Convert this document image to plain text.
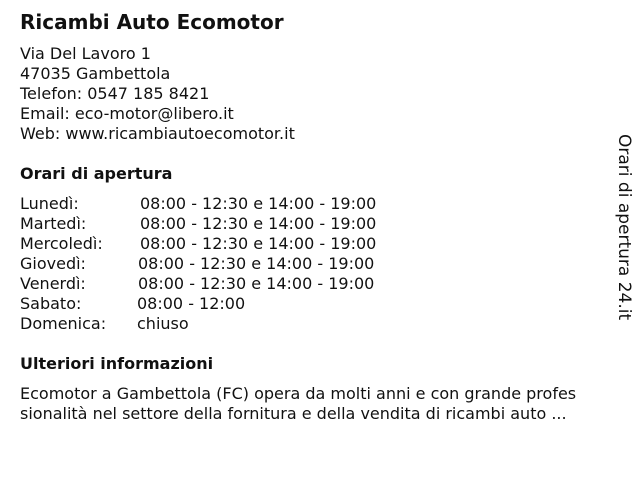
Ricambi Auto Ecomotor
Via Del Lavoro 1
47035 Gambettola
Telefon: 0547 185 8421
Email: eco-motor@libero.it
Web: www.ricambiautoecomotor.it
Orari di apertura
Lunedì:	08:00 - 12:30 e 14:00 - 19:00
Martedì:	08:00 - 12:30 e 14:00 - 19:00
Mercoledì: 08:00 - 12:30 e 14:00 - 19:00
Giovedì:	08:00 - 12:30 e 14:00 - 19:00
Venerdì:	08:00 - 12:30 e 14:00 - 19:00
Sabato:	08:00 - 12:00
Domenica: chiuso
Ulteriori informazioni
Ecomotor a Gambettola (FC) opera da molti anni e con grande profes
sionalità nel settore della fornitura e della vendita di ricambi auto ...
Orari di apertura 24.it
